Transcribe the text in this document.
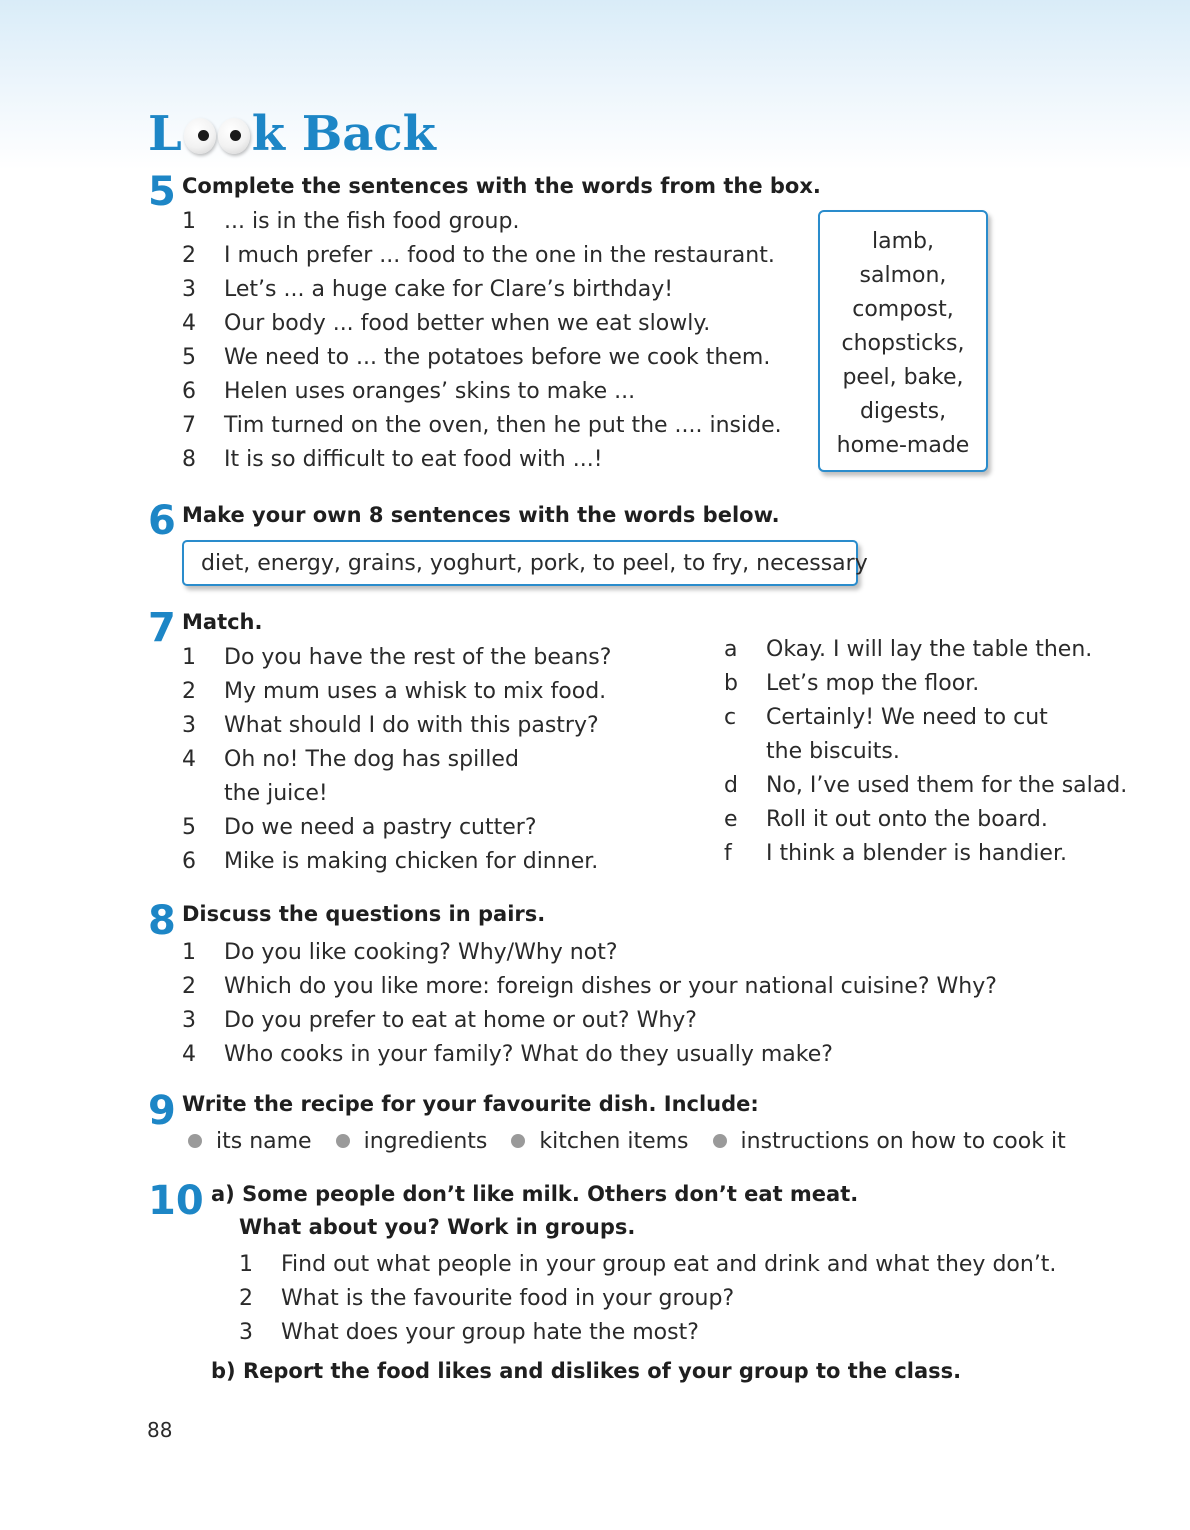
L k Back
5 Complete the sentences with the words from the box.
1 ... is in the fish food group.
2 I much prefer ... food to the one in the restaurant.
3 Let’s ... a huge cake for Clare’s birthday!
4 Our body ... food better when we eat slowly.
5 We need to ... the potatoes before we cook them.
6 Helen uses oranges’ skins to make ...
7 Tim turned on the oven, then he put the .... inside.
8 It is so difficult to eat food with ...!
lamb,
salmon,
compost,
chopsticks,
peel, bake,
digests,
home-made
6 Make your own 8 sentences with the words below.
diet, energy, grains, yoghurt, pork, to peel, to fry, necessary
7 Match.
1 Do you have the rest of the beans?
2 My mum uses a whisk to mix food.
3 What should I do with this pastry?
4 Oh no! The dog has spilled
the juice!
5 Do we need a pastry cutter?
6 Mike is making chicken for dinner.
a Okay. I will lay the table then.
b Let’s mop the floor.
c Certainly! We need to cut
the biscuits.
d No, I’ve used them for the salad.
e Roll it out onto the board.
f I think a blender is handier.
8 Discuss the questions in pairs.
1 Do you like cooking? Why/Why not?
2 Which do you like more: foreign dishes or your national cuisine? Why?
3 Do you prefer to eat at home or out? Why?
4 Who cooks in your family? What do they usually make?
9 Write the recipe for your favourite dish. Include:
its name ingredients kitchen items instructions on how to cook it
10 a) Some people don’t like milk. Others don’t eat meat.
What about you? Work in groups.
1 Find out what people in your group eat and drink and what they don’t.
2 What is the favourite food in your group?
3 What does your group hate the most?
b) Report the food likes and dislikes of your group to the class.
88
